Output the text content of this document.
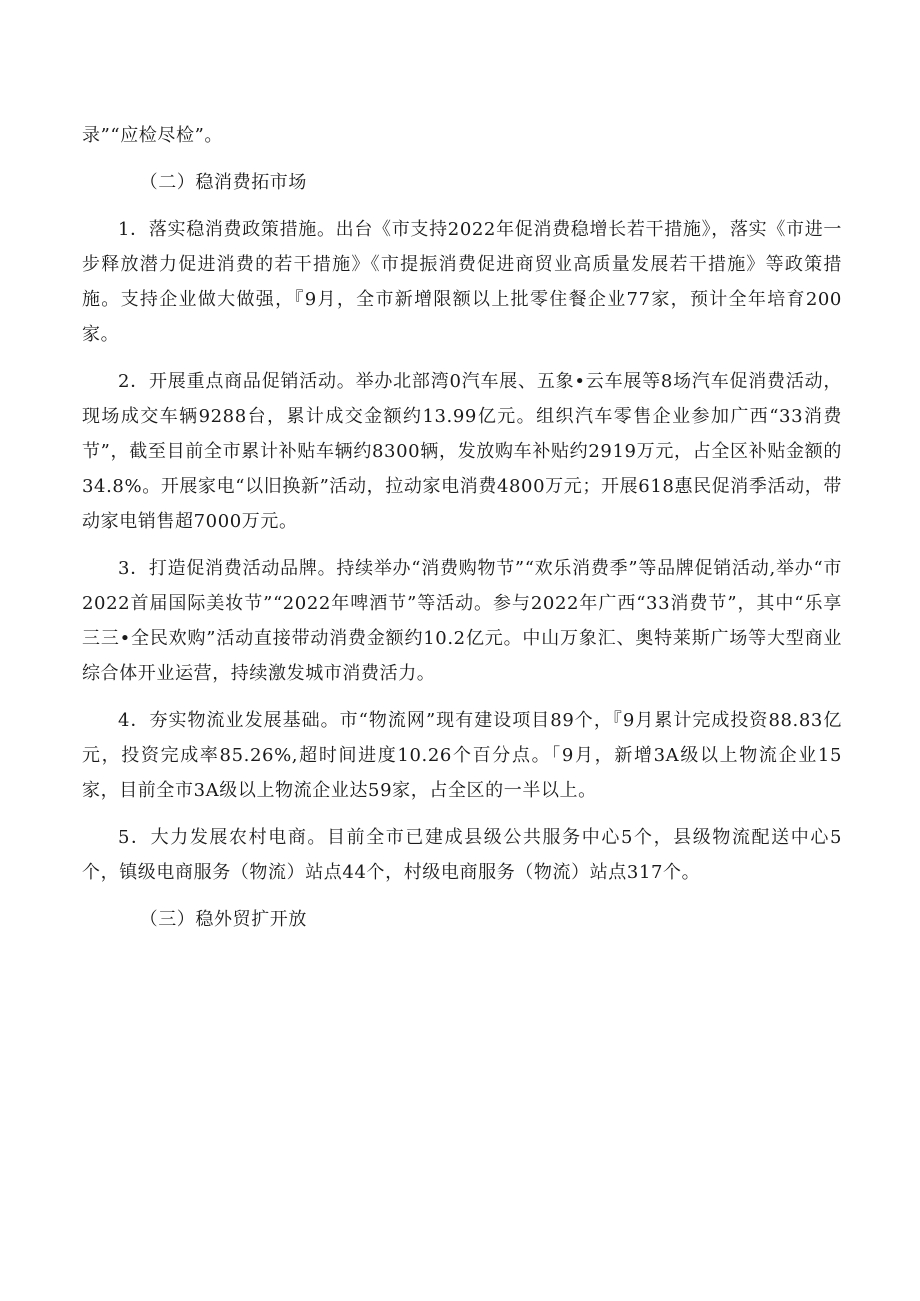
录”“应检尽检”。

（二）稳消费拓市场

1．落实稳消费政策措施。出台《市支持2022年促消费稳增长若干措施》，落实《市进一步释放潜力促进消费的若干措施》《市提振消费促进商贸业高质量发展若干措施》等政策措施。支持企业做大做强，『9月，全市新增限额以上批零住餐企业77家，预计全年培育200家。

2．开展重点商品促销活动。举办北部湾0汽车展、五象•云车展等8场汽车促消费活动，现场成交车辆9288台，累计成交金额约13.99亿元。组织汽车零售企业参加广西“33消费节”，截至目前全市累计补贴车辆约8300辆，发放购车补贴约2919万元，占全区补贴金额的34.8%。开展家电“以旧换新”活动，拉动家电消费4800万元；开展618惠民促消季活动，带动家电销售超7000万元。

3．打造促消费活动品牌。持续举办“消费购物节”“欢乐消费季”等品牌促销活动,举办“市2022首届国际美妆节”“2022年啤酒节”等活动。参与2022年广西“33消费节”，其中“乐享三三•全民欢购”活动直接带动消费金额约10.2亿元。中山万象汇、奥特莱斯广场等大型商业综合体开业运营，持续激发城市消费活力。

4．夯实物流业发展基础。市“物流网”现有建设项目89个，『9月累计完成投资88.83亿元，投资完成率85.26%,超时间进度10.26个百分点。「9月，新增3A级以上物流企业15家，目前全市3A级以上物流企业达59家，占全区的一半以上。

5．大力发展农村电商。目前全市已建成县级公共服务中心5个，县级物流配送中心5个，镇级电商服务（物流）站点44个，村级电商服务（物流）站点317个。

（三）稳外贸扩开放
